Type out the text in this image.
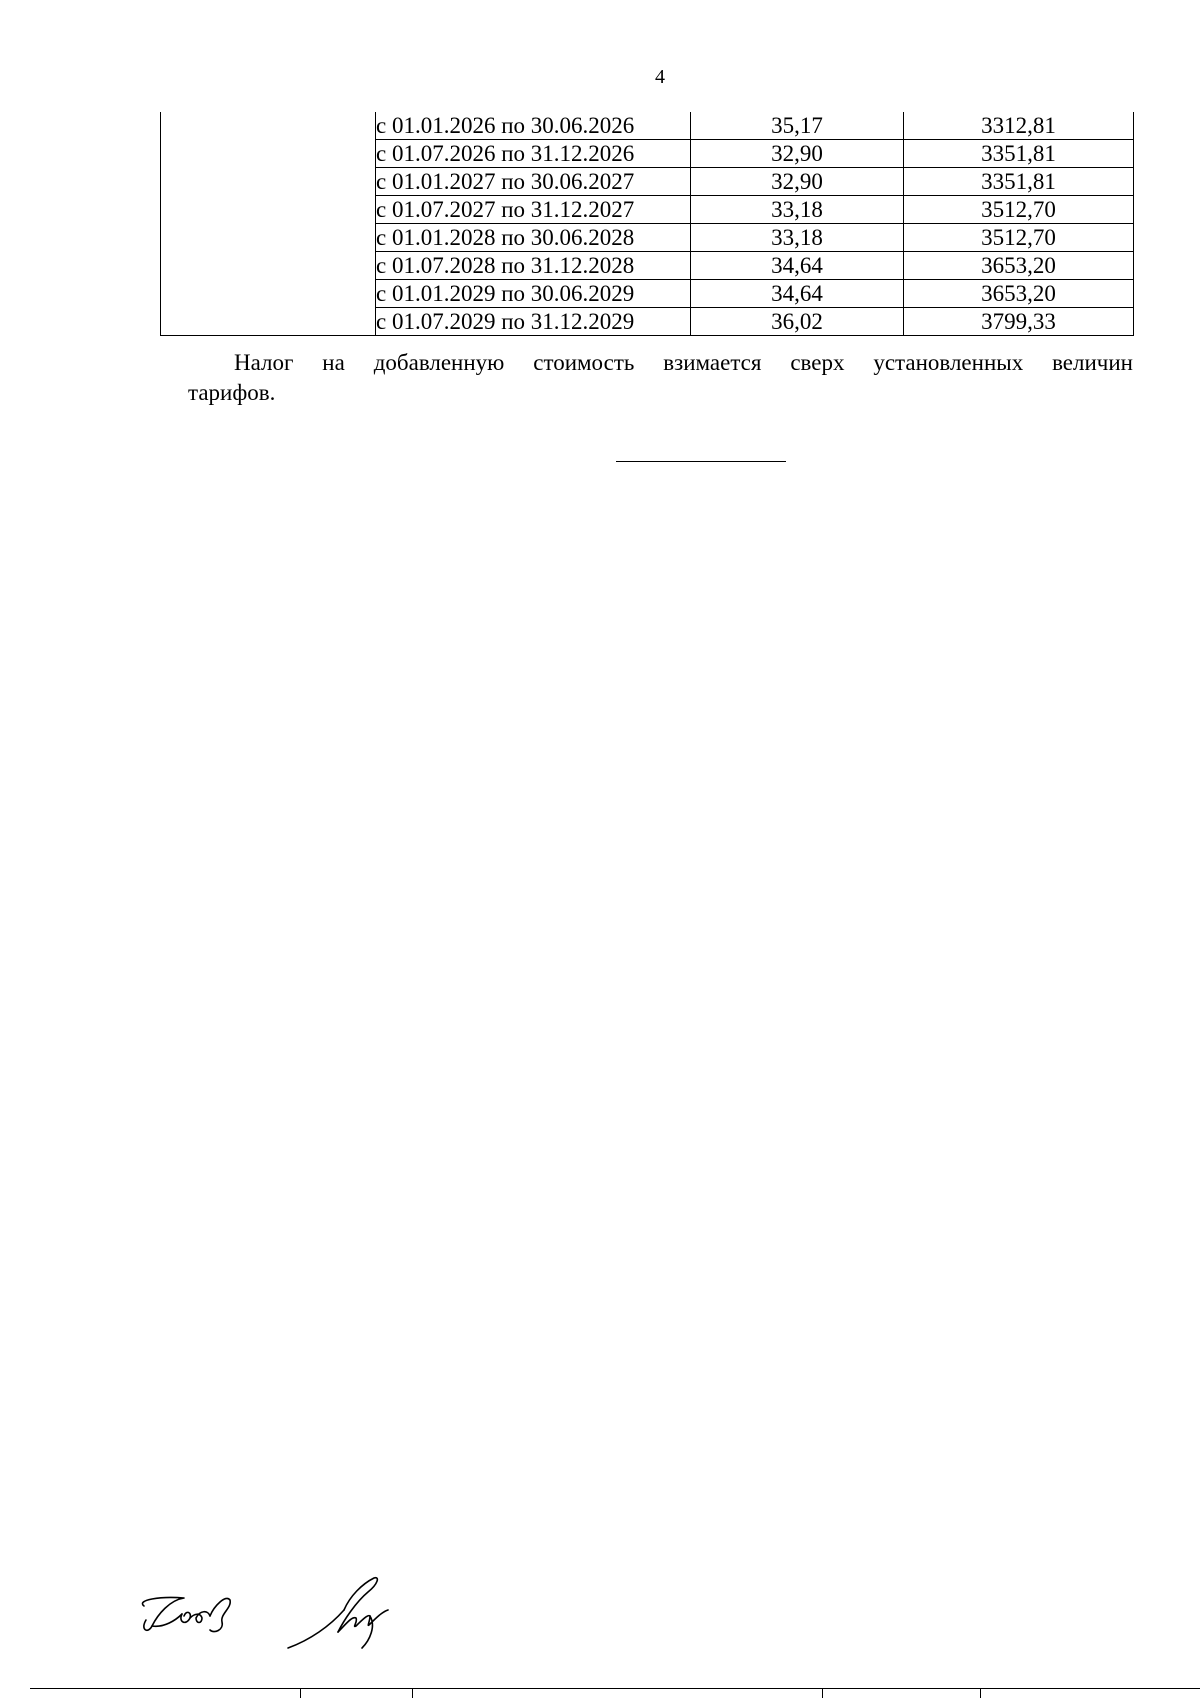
4
	с 01.01.2026 по 30.06.2026	35,17	3312,81
	с 01.07.2026 по 31.12.2026	32,90	3351,81
	с 01.01.2027 по 30.06.2027	32,90	3351,81
	с 01.07.2027 по 31.12.2027	33,18	3512,70
	с 01.01.2028 по 30.06.2028	33,18	3512,70
	с 01.07.2028 по 31.12.2028	34,64	3653,20
	с 01.01.2029 по 30.06.2029	34,64	3653,20
	с 01.07.2029 по 31.12.2029	36,02	3799,33
Налог на добавленную стоимость взимается сверх установленных величин
тарифов.
